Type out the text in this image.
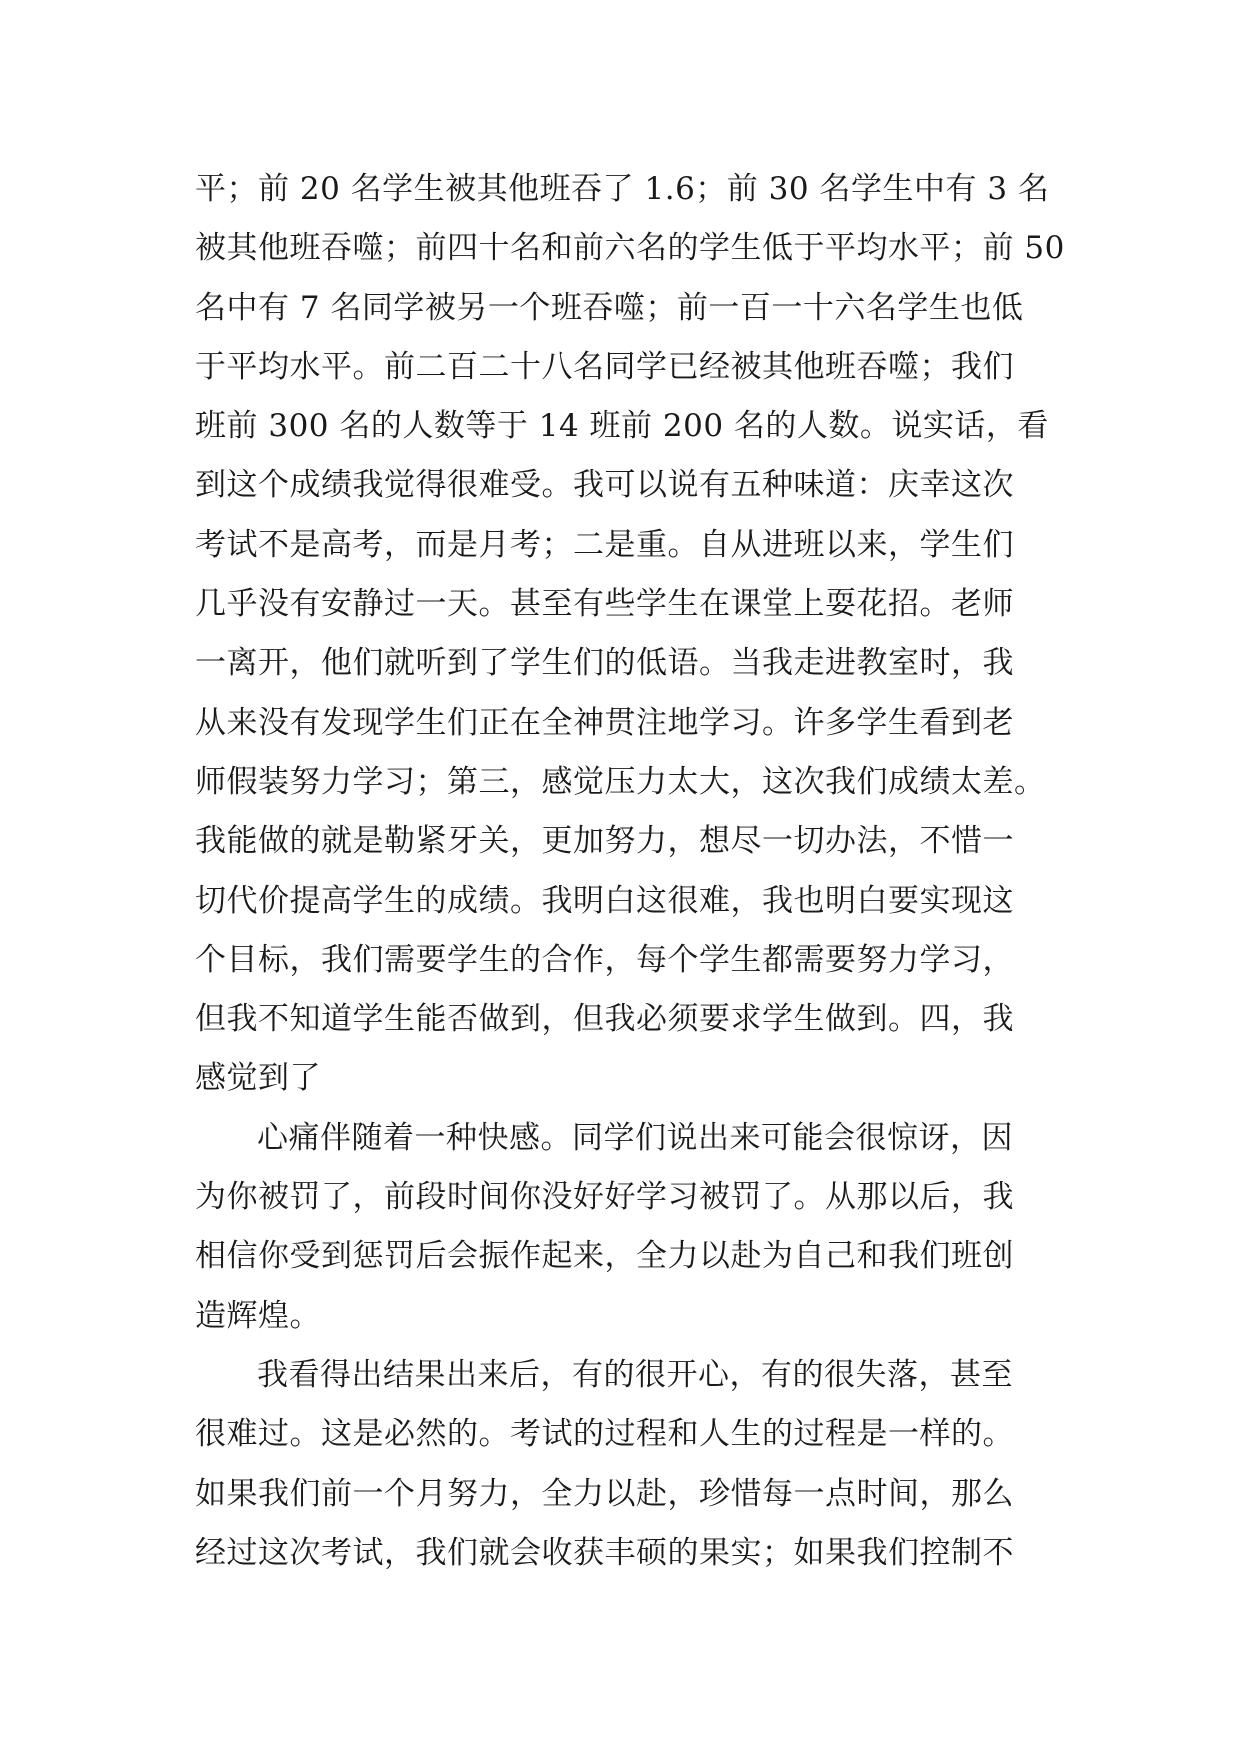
平；前 20 名学生被其他班吞了 1.6；前 30 名学生中有 3 名
被其他班吞噬；前四十名和前六名的学生低于平均水平；前 50
名中有 7 名同学被另一个班吞噬；前一百一十六名学生也低
于平均水平。前二百二十八名同学已经被其他班吞噬；我们
班前 300 名的人数等于 14 班前 200 名的人数。说实话，看
到这个成绩我觉得很难受。我可以说有五种味道：庆幸这次
考试不是高考，而是月考；二是重。自从进班以来，学生们
几乎没有安静过一天。甚至有些学生在课堂上耍花招。老师
一离开，他们就听到了学生们的低语。当我走进教室时，我
从来没有发现学生们正在全神贯注地学习。许多学生看到老
师假装努力学习；第三，感觉压力太大，这次我们成绩太差。
我能做的就是勒紧牙关，更加努力，想尽一切办法，不惜一
切代价提高学生的成绩。我明白这很难，我也明白要实现这
个目标，我们需要学生的合作，每个学生都需要努力学习，
但我不知道学生能否做到，但我必须要求学生做到。四，我
感觉到了
心痛伴随着一种快感。同学们说出来可能会很惊讶，因
为你被罚了，前段时间你没好好学习被罚了。从那以后，我
相信你受到惩罚后会振作起来，全力以赴为自己和我们班创
造辉煌。
我看得出结果出来后，有的很开心，有的很失落，甚至
很难过。这是必然的。考试的过程和人生的过程是一样的。
如果我们前一个月努力，全力以赴，珍惜每一点时间，那么
经过这次考试，我们就会收获丰硕的果实；如果我们控制不
